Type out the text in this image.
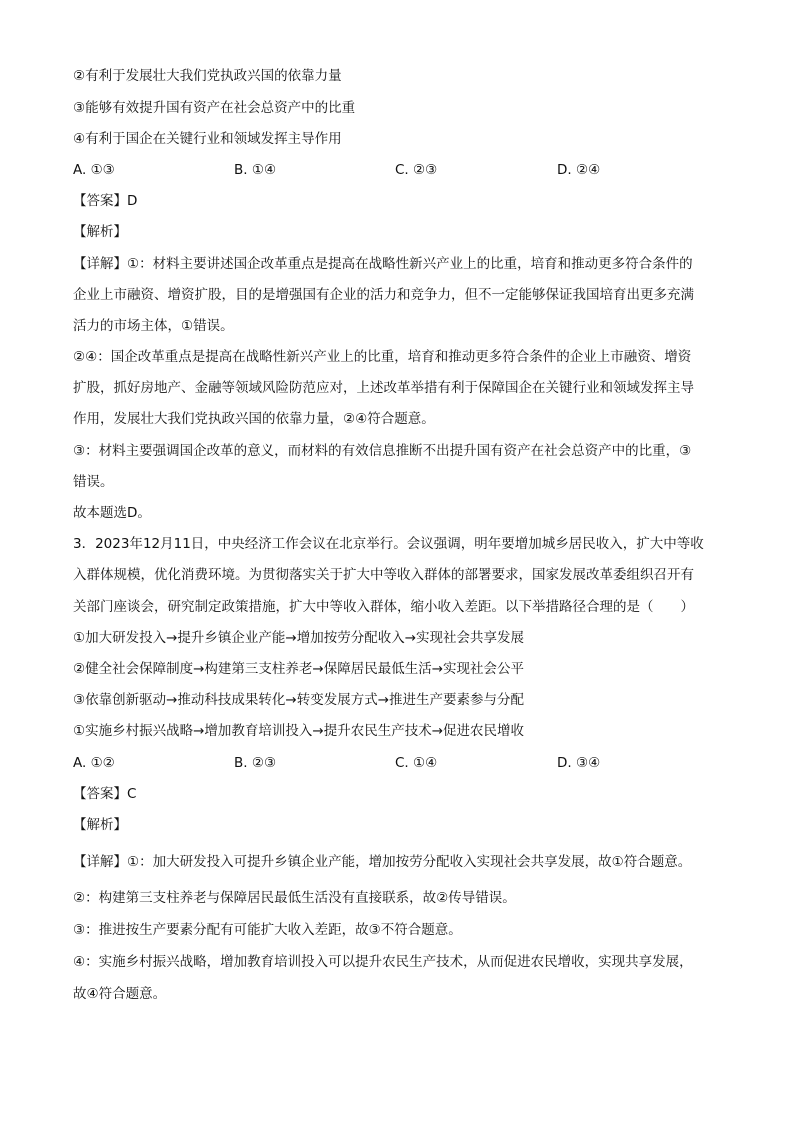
②有利于发展壮大我们党执政兴国的依靠力量
③能够有效提升国有资产在社会总资产中的比重
④有利于国企在关键行业和领域发挥主导作用
A. ①③	B. ①④	C. ②③	D. ②④
【答案】D
【解析】
【详解】①：材料主要讲述国企改革重点是提高在战略性新兴产业上的比重，培育和推动更多符合条件的
企业上市融资、增资扩股，目的是增强国有企业的活力和竞争力，但不一定能够保证我国培育出更多充满
活力的市场主体，①错误。
②④：国企改革重点是提高在战略性新兴产业上的比重，培育和推动更多符合条件的企业上市融资、增资
扩股，抓好房地产、金融等领域风险防范应对，上述改革举措有利于保障国企在关键行业和领域发挥主导
作用，发展壮大我们党执政兴国的依靠力量，②④符合题意。
③：材料主要强调国企改革的意义，而材料的有效信息推断不出提升国有资产在社会总资产中的比重，③
错误。
故本题选D。
3．2023年12月11日，中央经济工作会议在北京举行。会议强调，明年要增加城乡居民收入，扩大中等收
入群体规模，优化消费环境。为贯彻落实关于扩大中等收入群体的部署要求，国家发展改革委组织召开有
关部门座谈会，研究制定政策措施，扩大中等收入群体，缩小收入差距。以下举措路径合理的是（　　）
①加大研发投入→提升乡镇企业产能→增加按劳分配收入→实现社会共享发展
②健全社会保障制度→构建第三支柱养老→保障居民最低生活→实现社会公平
③依靠创新驱动→推动科技成果转化→转变发展方式→推进生产要素参与分配
①实施乡村振兴战略→增加教育培训投入→提升农民生产技术→促进农民增收
A. ①②	B. ②③	C. ①④	D. ③④
【答案】C
【解析】
【详解】①：加大研发投入可提升乡镇企业产能，增加按劳分配收入实现社会共享发展，故①符合题意。
②：构建第三支柱养老与保障居民最低生活没有直接联系，故②传导错误。
③：推进按生产要素分配有可能扩大收入差距，故③不符合题意。
④：实施乡村振兴战略，增加教育培训投入可以提升农民生产技术，从而促进农民增收，实现共享发展，
故④符合题意。
